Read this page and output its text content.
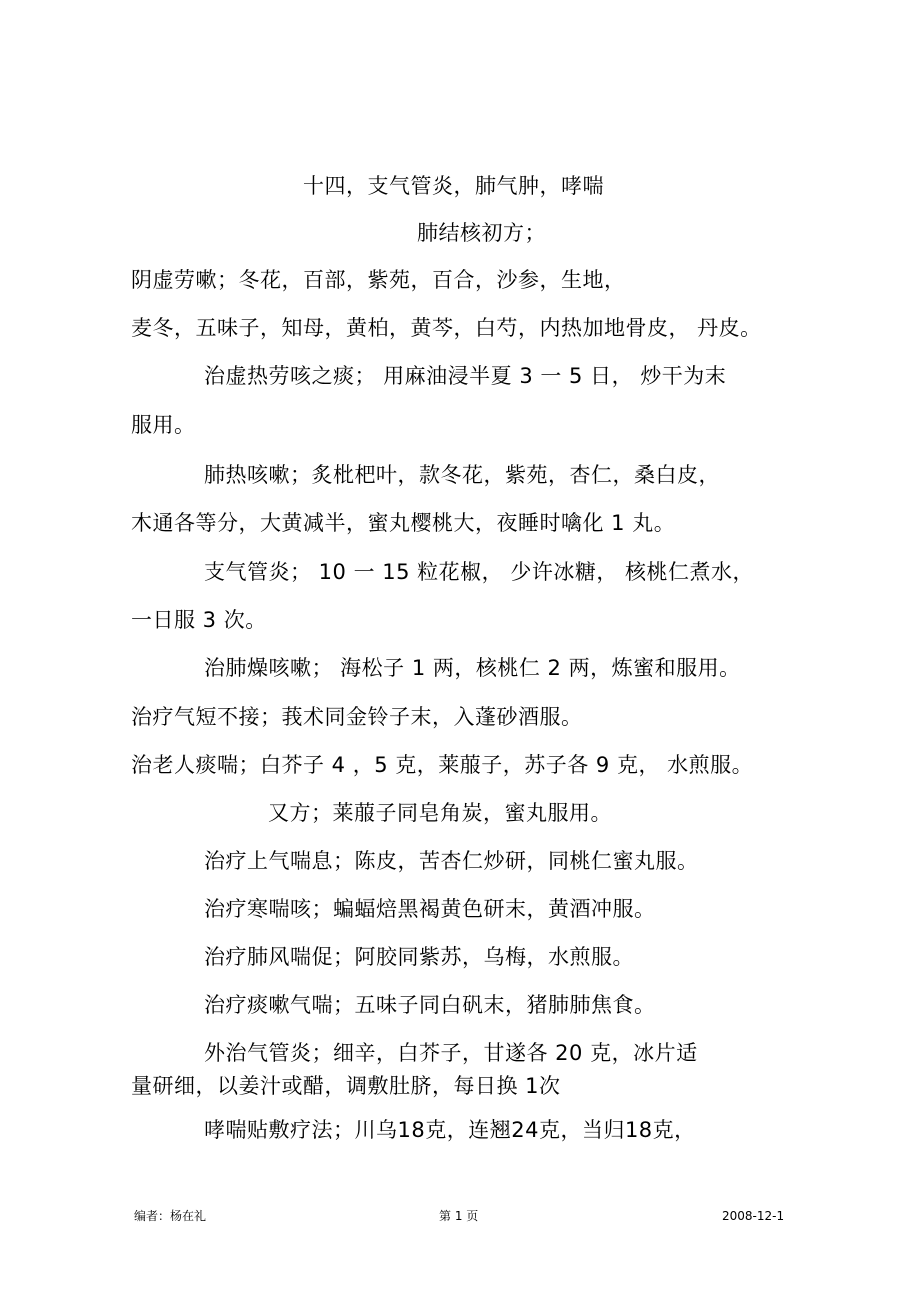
十四，支气管炎，肺气肿，哮喘
肺结核初方；
阴虚劳嗽；冬花，百部，紫苑，百合，沙参，生地，
麦冬，五味子，知母，黄柏，黄芩，白芍，内热加地骨皮， 丹皮。
治虚热劳咳之痰； 用麻油浸半夏 3 一 5 日， 炒干为末
服用。
肺热咳嗽；炙枇杷叶，款冬花，紫苑，杏仁，桑白皮，
木通各等分，大黄减半，蜜丸樱桃大，夜睡时噙化 1 丸。
支气管炎； 10 一 15 粒花椒， 少许冰糖， 核桃仁煮水，
一日服 3 次。
治肺燥咳嗽； 海松子 1 两，核桃仁 2 两，炼蜜和服用。
治疗气短不接；莪术同金铃子末，入蓬砂酒服。
治老人痰喘；白芥子 4 ，5 克，莱菔子，苏子各 9 克， 水煎服。
又方；莱菔子同皂角炭，蜜丸服用。
治疗上气喘息；陈皮，苦杏仁炒研，同桃仁蜜丸服。
治疗寒喘咳；蝙蝠焙黑褐黄色研末，黄酒冲服。
治疗肺风喘促；阿胶同紫苏，乌梅，水煎服。
治疗痰嗽气喘；五味子同白矾末，猪肺肺焦食。
外治气管炎；细辛，白芥子，甘遂各 20 克，冰片适
量研细，以姜汁或醋，调敷肚脐，每日换 1次
哮喘贴敷疗法；川乌18克，连翘24克，当归18克，
编者：杨在礼	第 1 页	2008-12-1
